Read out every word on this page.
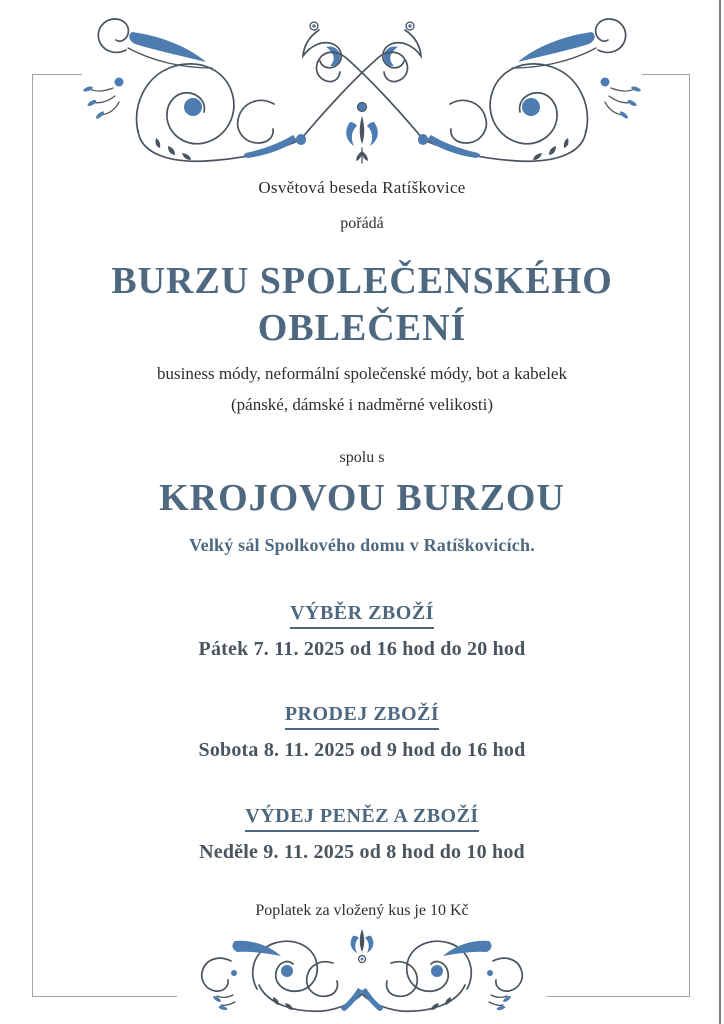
Osvětová beseda Ratíškovice
pořádá
BURZU SPOLEČENSKÉHO
OBLEČENÍ
business módy, neformální společenské módy, bot a kabelek
(pánské, dámské i nadměrné velikosti)
spolu s
KROJOVOU BURZOU
Velký sál Spolkového domu v Ratíškovicích.
VÝBĚR ZBOŽÍ
Pátek 7. 11. 2025 od 16 hod do 20 hod
PRODEJ ZBOŽÍ
Sobota 8. 11. 2025 od 9 hod do 16 hod
VÝDEJ PENĚZ A ZBOŽÍ
Neděle 9. 11. 2025 od 8 hod do 10 hod
Poplatek za vložený kus je 10 Kč
